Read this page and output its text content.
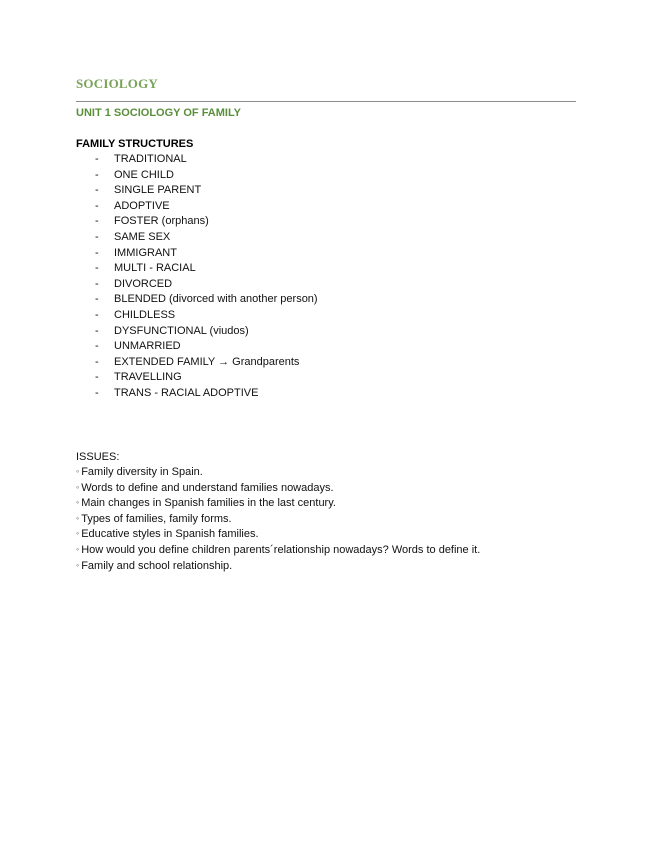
SOCIOLOGY
UNIT 1 SOCIOLOGY OF FAMILY
FAMILY STRUCTURES
- TRADITIONAL
- ONE CHILD
- SINGLE PARENT
- ADOPTIVE
- FOSTER (orphans)
- SAME SEX
- IMMIGRANT
- MULTI - RACIAL
- DIVORCED
- BLENDED (divorced with another person)
- CHILDLESS
- DYSFUNCTIONAL (viudos)
- UNMARRIED
- EXTENDED FAMILY → Grandparents
- TRAVELLING
- TRANS - RACIAL ADOPTIVE
ISSUES:
◦ Family diversity in Spain.
◦ Words to define and understand families nowadays.
◦ Main changes in Spanish families in the last century.
◦ Types of families, family forms.
◦ Educative styles in Spanish families.
◦ How would you define children parents´relationship nowadays? Words to define it.
◦ Family and school relationship.
